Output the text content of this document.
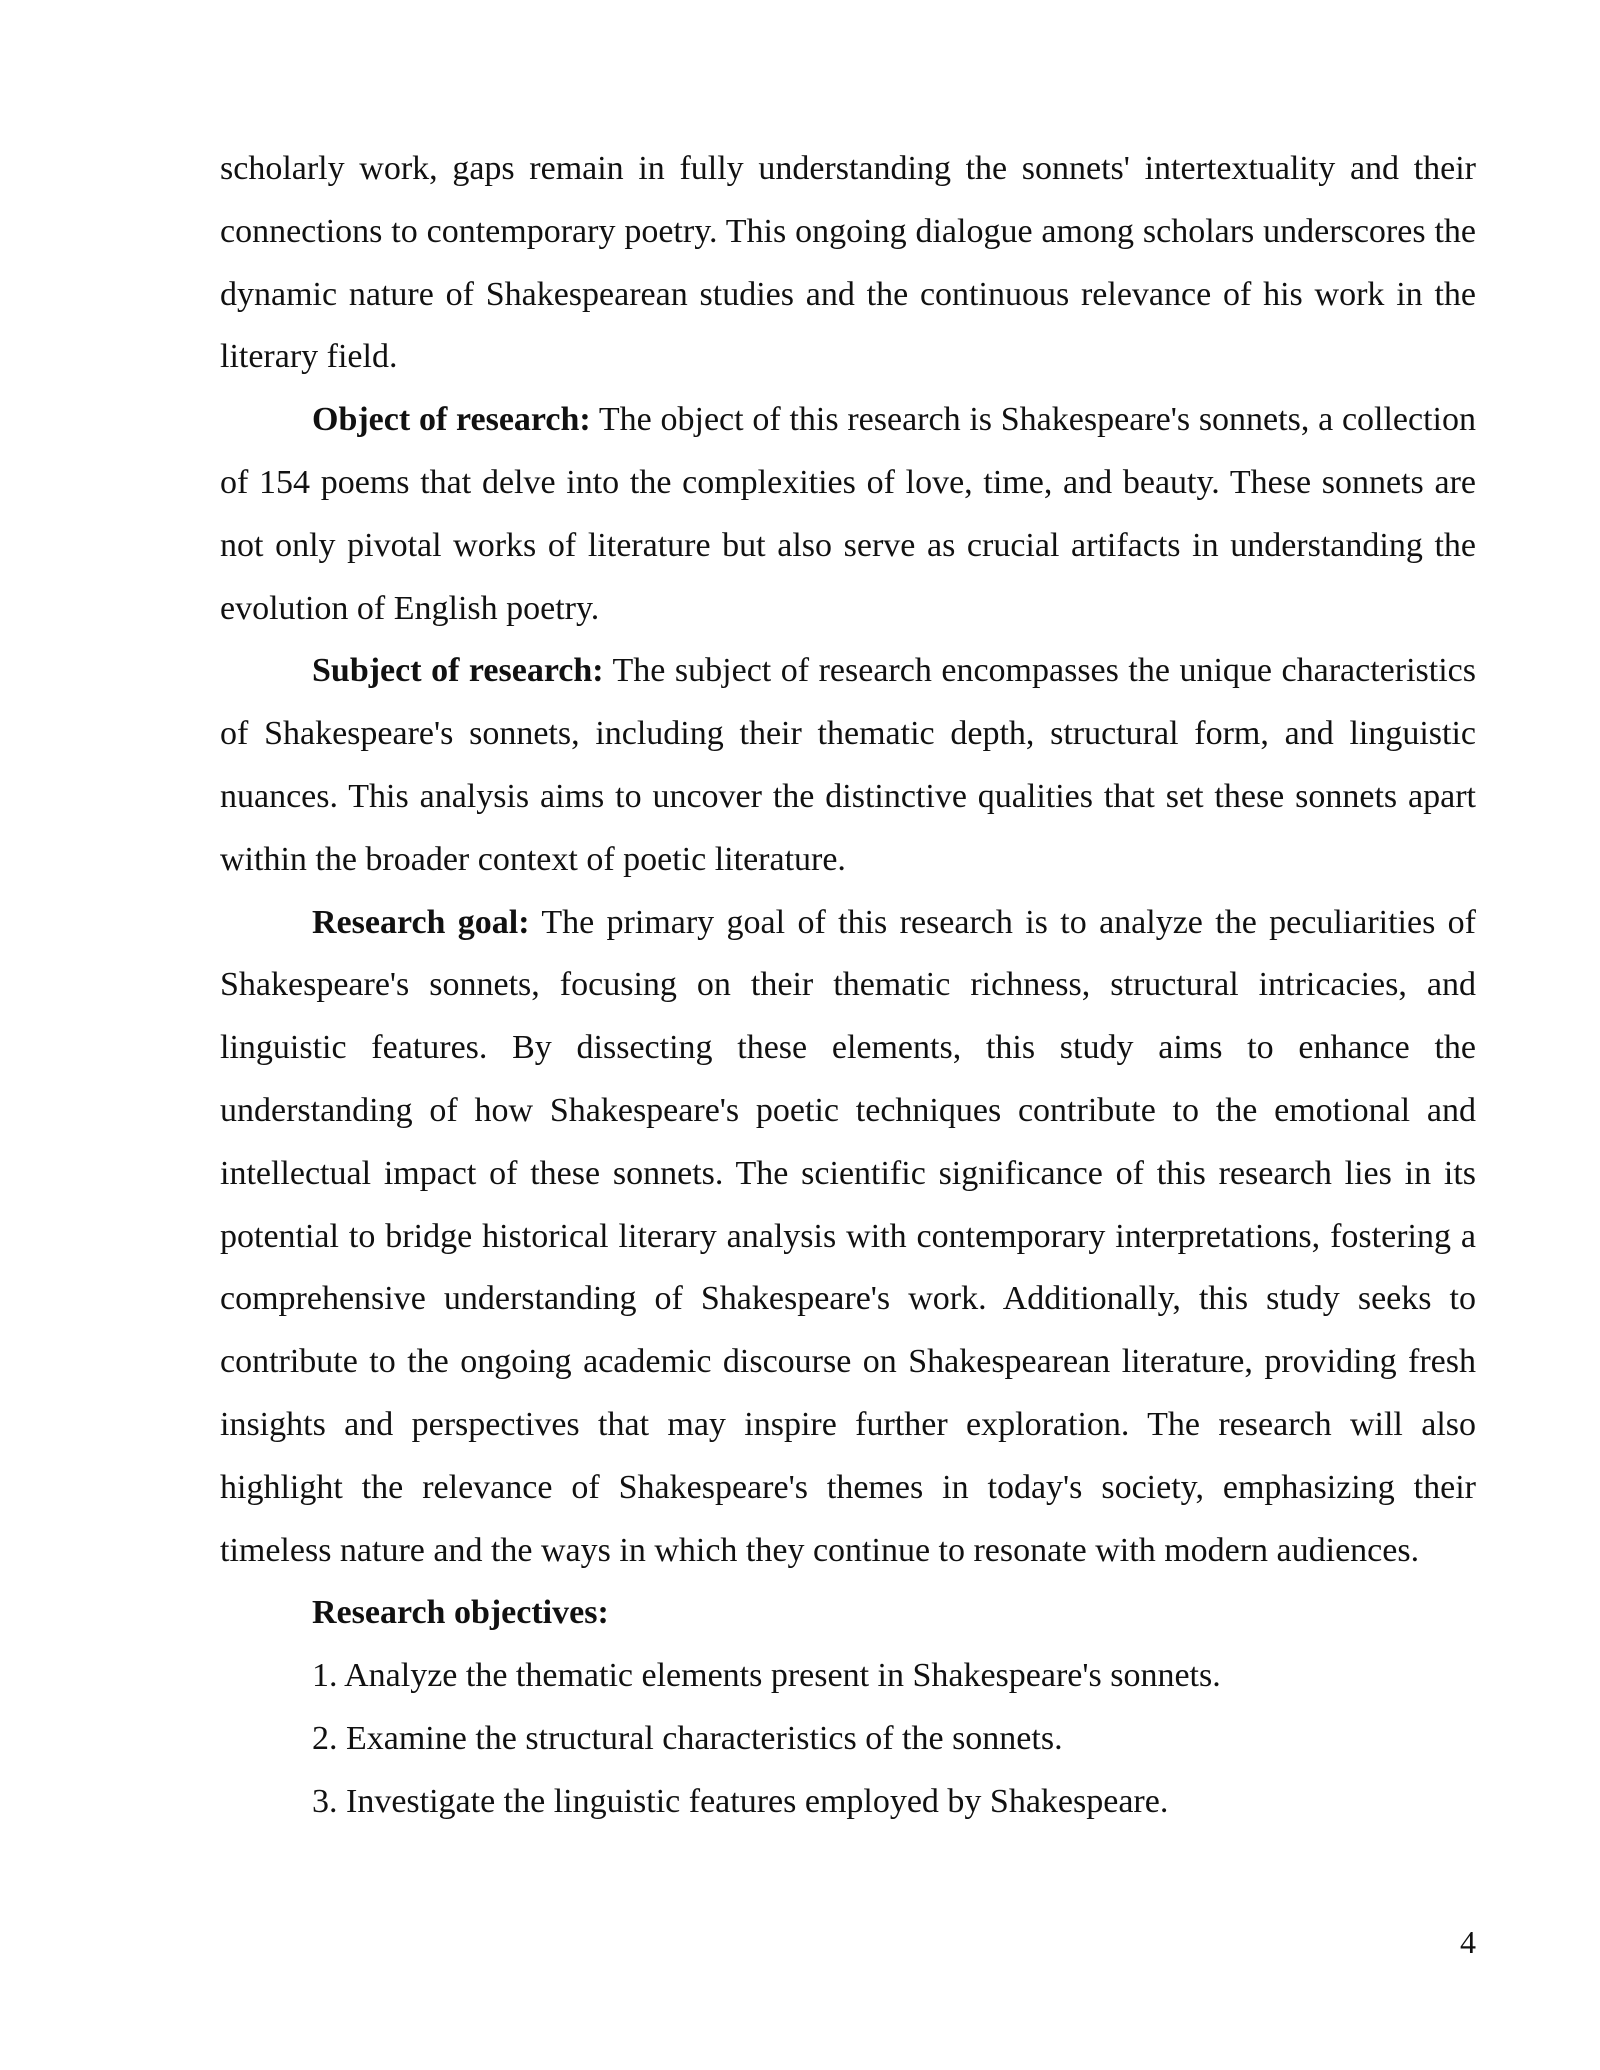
scholarly work, gaps remain in fully understanding the sonnets' intertextuality and their connections to contemporary poetry. This ongoing dialogue among scholars underscores the dynamic nature of Shakespearean studies and the continuous relevance of his work in the literary field.

Object of research: The object of this research is Shakespeare's sonnets, a collection of 154 poems that delve into the complexities of love, time, and beauty. These sonnets are not only pivotal works of literature but also serve as crucial artifacts in understanding the evolution of English poetry.

Subject of research: The subject of research encompasses the unique characteristics of Shakespeare's sonnets, including their thematic depth, structural form, and linguistic nuances. This analysis aims to uncover the distinctive qualities that set these sonnets apart within the broader context of poetic literature.

Research goal: The primary goal of this research is to analyze the peculiarities of Shakespeare's sonnets, focusing on their thematic richness, structural intricacies, and linguistic features. By dissecting these elements, this study aims to enhance the understanding of how Shakespeare's poetic techniques contribute to the emotional and intellectual impact of these sonnets. The scientific significance of this research lies in its potential to bridge historical literary analysis with contemporary interpretations, fostering a comprehensive understanding of Shakespeare's work. Additionally, this study seeks to contribute to the ongoing academic discourse on Shakespearean literature, providing fresh insights and perspectives that may inspire further exploration. The research will also highlight the relevance of Shakespeare's themes in today's society, emphasizing their timeless nature and the ways in which they continue to resonate with modern audiences.

Research objectives:

1. Analyze the thematic elements present in Shakespeare's sonnets.
2. Examine the structural characteristics of the sonnets.
3. Investigate the linguistic features employed by Shakespeare.
4
